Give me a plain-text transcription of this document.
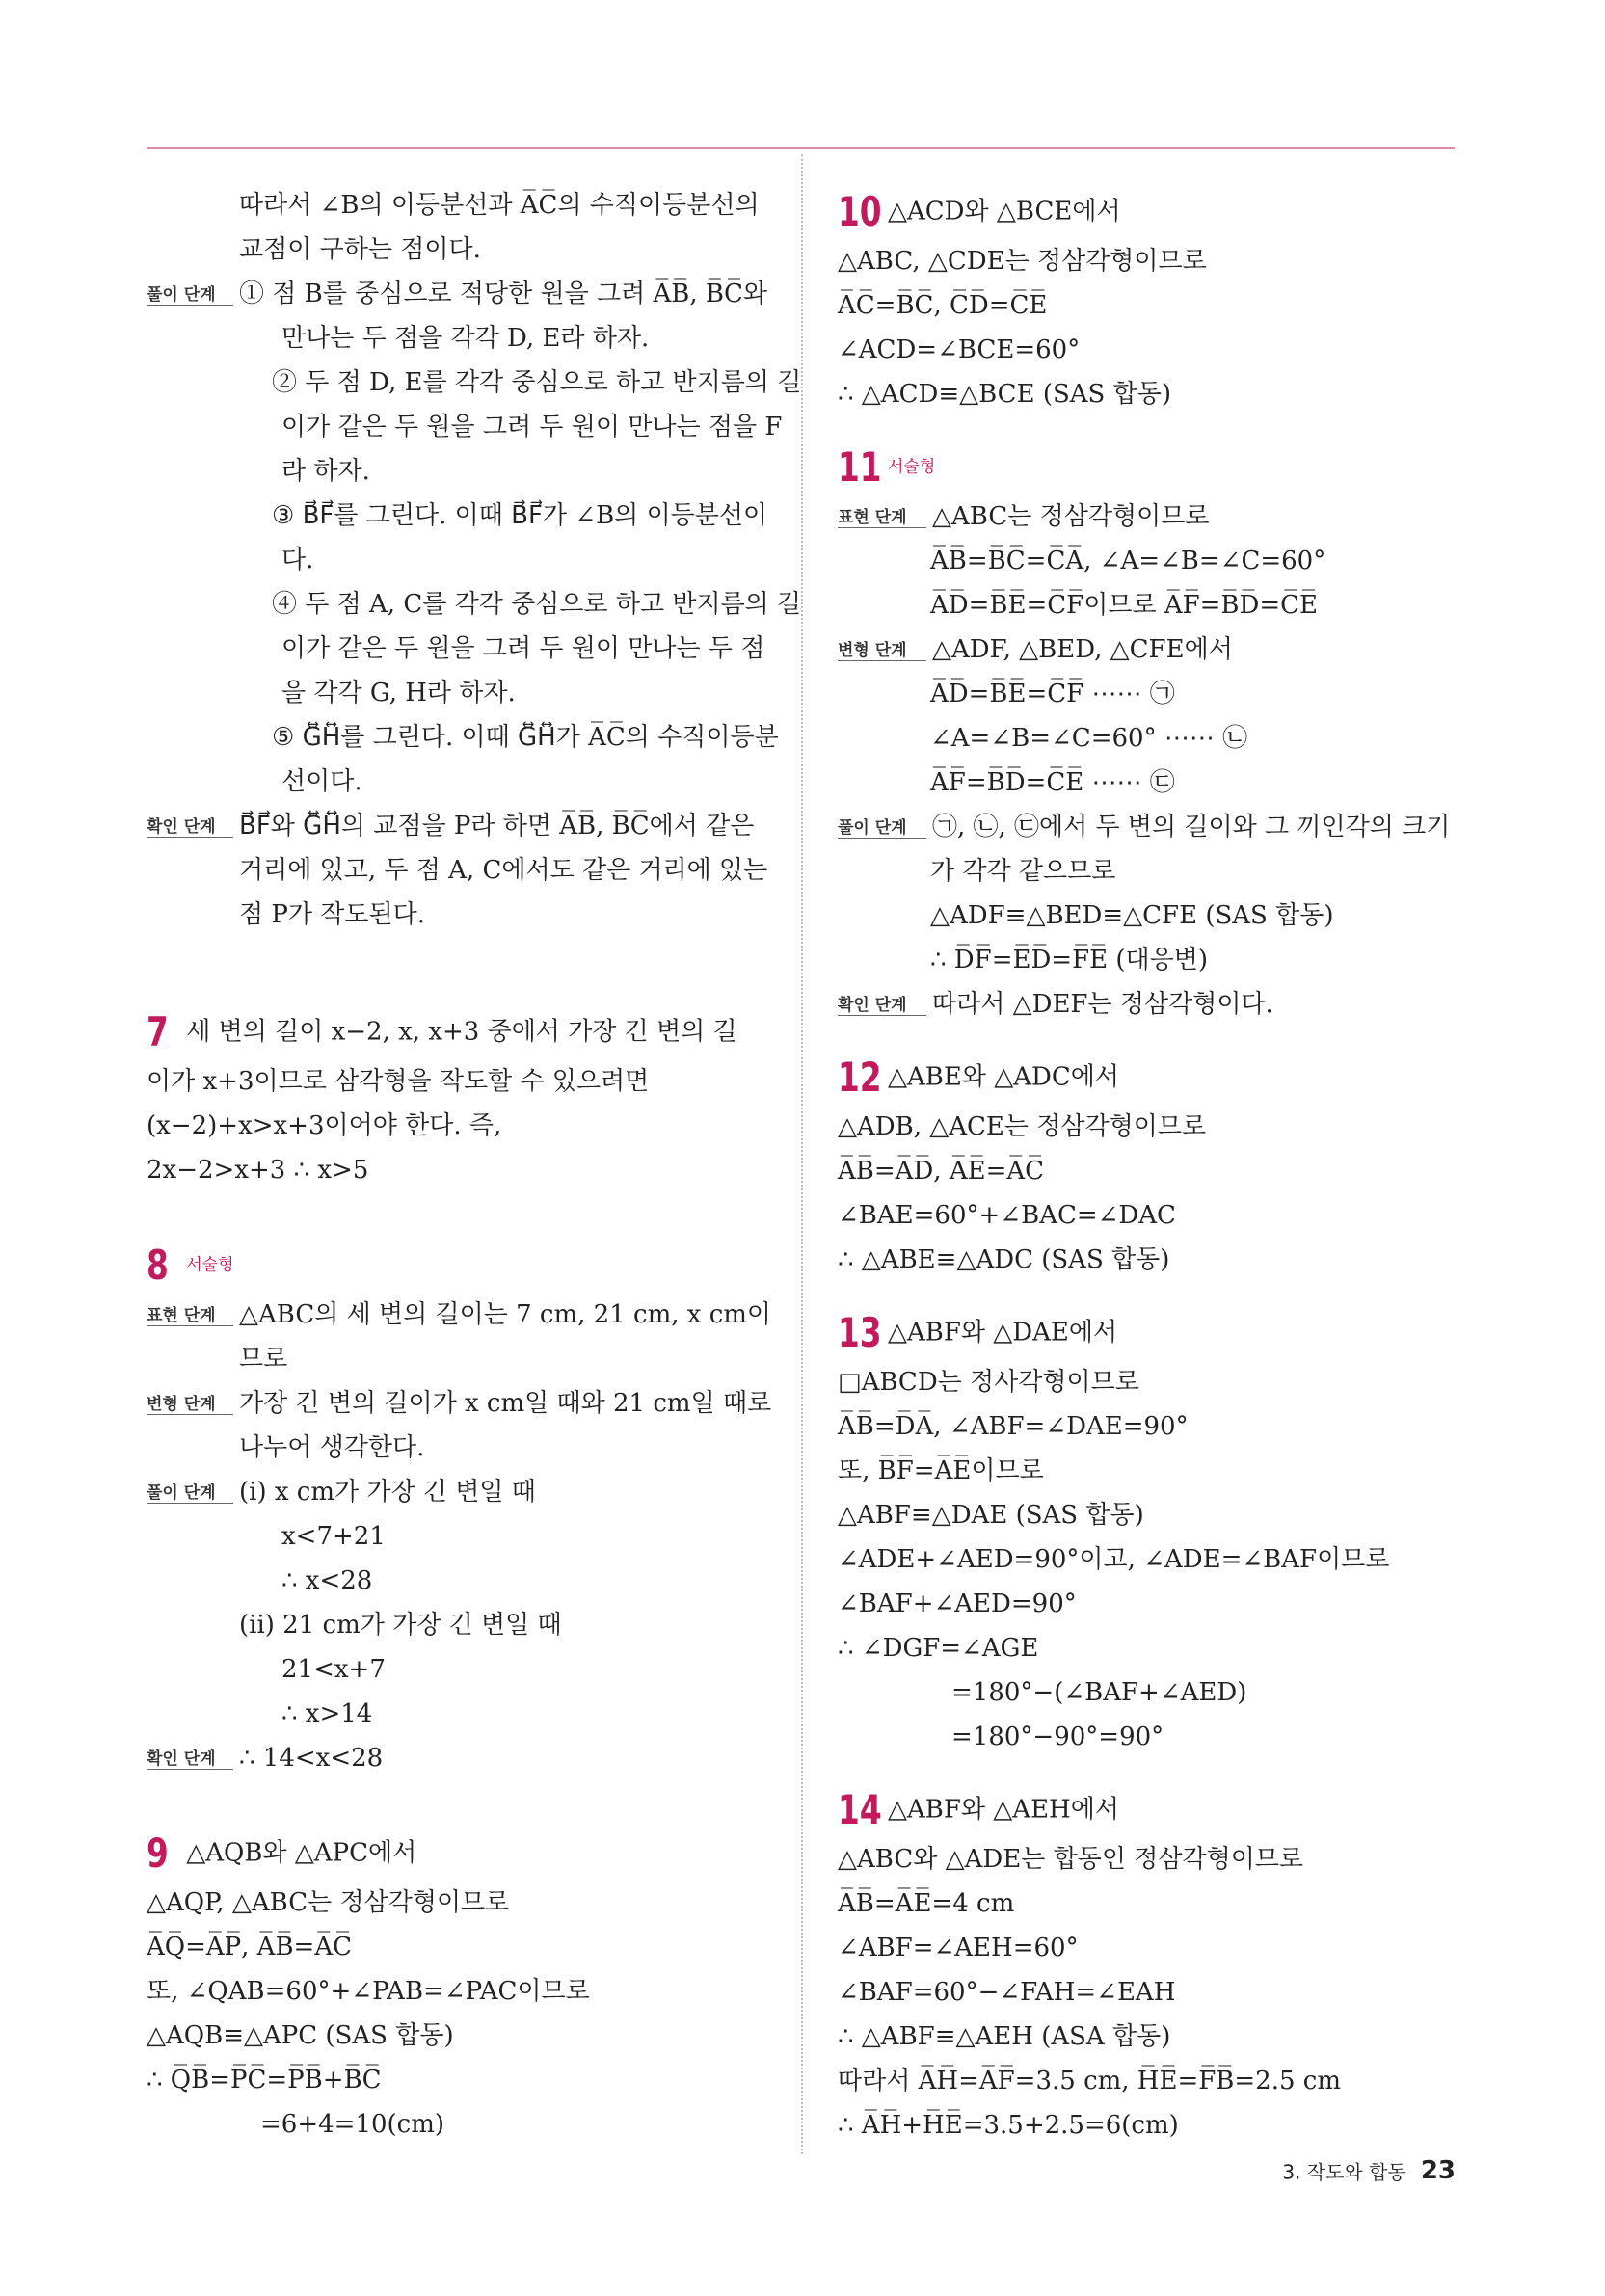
따라서 ∠B의 이등분선과 A̅C̅의 수직이등분선의
교점이 구하는 점이다.
풀이 단계 ① 점 B를 중심으로 적당한 원을 그려 A̅B̅, B̅C̅와
만나는 두 점을 각각 D, E라 하자.
② 두 점 D, E를 각각 중심으로 하고 반지름의 길
이가 같은 두 원을 그려 두 원이 만나는 점을 F
라 하자.
③ B⃗F⃗를 그린다. 이때 B⃗F⃗가 ∠B의 이등분선이
다.
④ 두 점 A, C를 각각 중심으로 하고 반지름의 길
이가 같은 두 원을 그려 두 원이 만나는 두 점
을 각각 G, H라 하자.
⑤ G⃡H⃡를 그린다. 이때 G⃡H⃡가 A̅C̅의 수직이등분
선이다.
확인 단계 B⃗F⃗와 G⃡H⃡의 교점을 P라 하면 A̅B̅, B̅C̅에서 같은
거리에 있고, 두 점 A, C에서도 같은 거리에 있는
점 P가 작도된다.
7 세 변의 길이 x−2, x, x+3 중에서 가장 긴 변의 길
이가 x+3이므로 삼각형을 작도할 수 있으려면
(x−2)+x>x+3이어야 한다. 즉,
2x−2>x+3 ∴ x>5
8 서술형
표현 단계 △ABC의 세 변의 길이는 7 cm, 21 cm, x cm이
므로
변형 단계 가장 긴 변의 길이가 x cm일 때와 21 cm일 때로
나누어 생각한다.
풀이 단계 (ⅰ) x cm가 가장 긴 변일 때
x<7+21
∴ x<28
(ⅱ) 21 cm가 가장 긴 변일 때
21<x+7
∴ x>14
확인 단계 ∴ 14<x<28
9 △AQB와 △APC에서
△AQP, △ABC는 정삼각형이므로
A̅Q̅=A̅P̅, A̅B̅=A̅C̅
또, ∠QAB=60°+∠PAB=∠PAC이므로
△AQB≡△APC (SAS 합동)
∴ Q̅B̅=P̅C̅=P̅B̅+B̅C̅
=6+4=10(cm)
10 △ACD와 △BCE에서
△ABC, △CDE는 정삼각형이므로
A̅C̅=B̅C̅, C̅D̅=C̅E̅
∠ACD=∠BCE=60°
∴ △ACD≡△BCE (SAS 합동)
11 서술형
표현 단계 △ABC는 정삼각형이므로
A̅B̅=B̅C̅=C̅A̅, ∠A=∠B=∠C=60°
A̅D̅=B̅E̅=C̅F̅이므로 A̅F̅=B̅D̅=C̅E̅
변형 단계 △ADF, △BED, △CFE에서
A̅D̅=B̅E̅=C̅F̅ ⋯⋯ ㉠
∠A=∠B=∠C=60° ⋯⋯ ㉡
A̅F̅=B̅D̅=C̅E̅ ⋯⋯ ㉢
풀이 단계 ㉠, ㉡, ㉢에서 두 변의 길이와 그 끼인각의 크기
가 각각 같으므로
△ADF≡△BED≡△CFE (SAS 합동)
∴ D̅F̅=E̅D̅=F̅E̅ (대응변)
확인 단계 따라서 △DEF는 정삼각형이다.
12 △ABE와 △ADC에서
△ADB, △ACE는 정삼각형이므로
A̅B̅=A̅D̅, A̅E̅=A̅C̅
∠BAE=60°+∠BAC=∠DAC
∴ △ABE≡△ADC (SAS 합동)
13 △ABF와 △DAE에서
□ABCD는 정사각형이므로
A̅B̅=D̅A̅, ∠ABF=∠DAE=90°
또, B̅F̅=A̅E̅이므로
△ABF≡△DAE (SAS 합동)
∠ADE+∠AED=90°이고, ∠ADE=∠BAF이므로
∠BAF+∠AED=90°
∴ ∠DGF=∠AGE
=180°−(∠BAF+∠AED)
=180°−90°=90°
14 △ABF와 △AEH에서
△ABC와 △ADE는 합동인 정삼각형이므로
A̅B̅=A̅E̅=4 cm
∠ABF=∠AEH=60°
∠BAF=60°−∠FAH=∠EAH
∴ △ABF≡△AEH (ASA 합동)
따라서 A̅H̅=A̅F̅=3.5 cm, H̅E̅=F̅B̅=2.5 cm
∴ A̅H̅+H̅E̅=3.5+2.5=6(cm)
3. 작도와 합동 23
